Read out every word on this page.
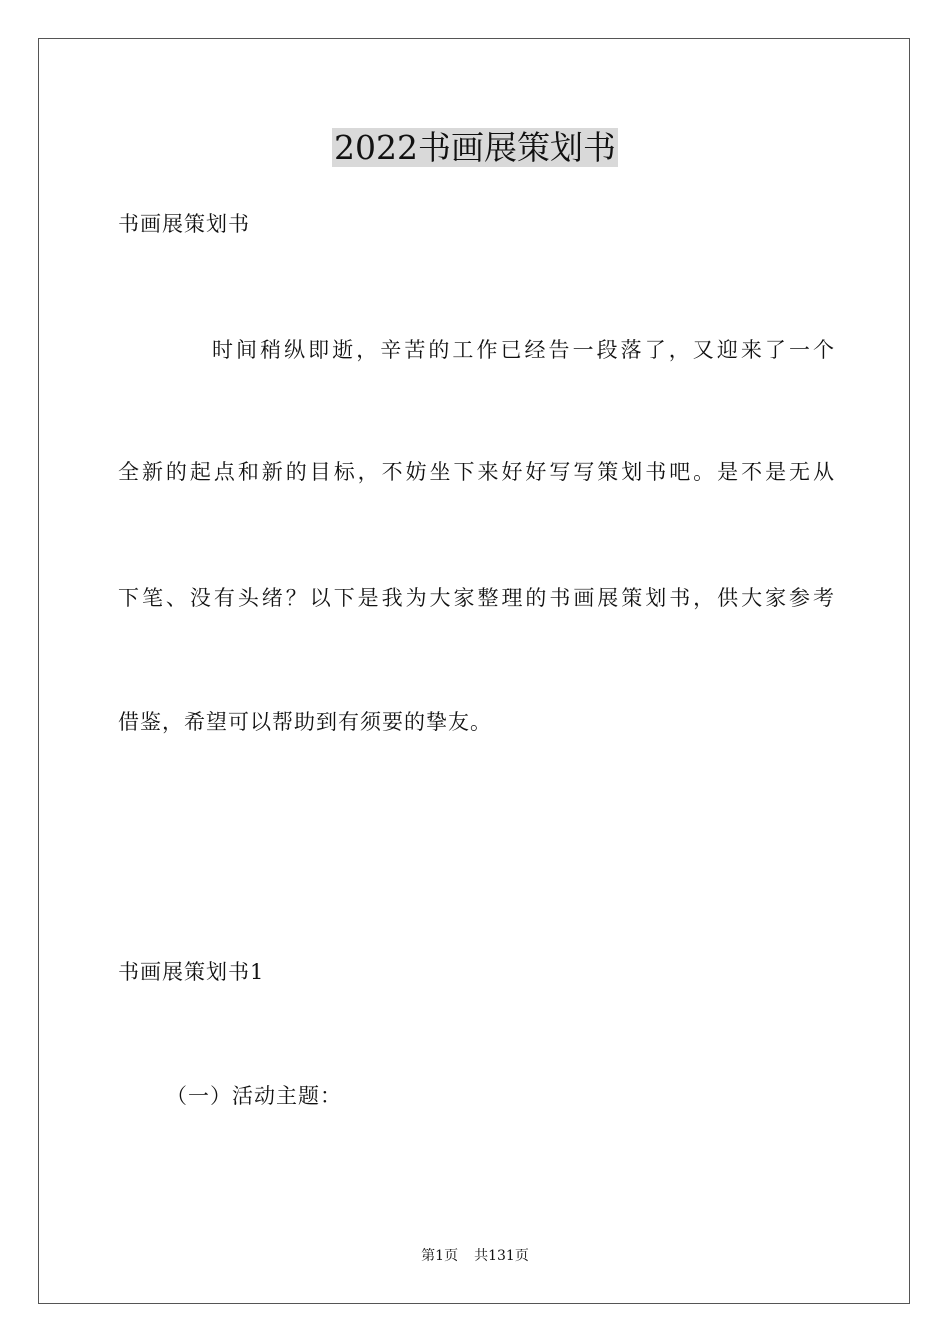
2022书画展策划书
书画展策划书
时间稍纵即逝，辛苦的工作已经告一段落了，又迎来了一个
全新的起点和新的目标，不妨坐下来好好写写策划书吧。是不是无从
下笔、没有头绪？以下是我为大家整理的书画展策划书，供大家参考
借鉴，希望可以帮助到有须要的挚友。
书画展策划书1
（一）活动主题：
第1页 共131页
